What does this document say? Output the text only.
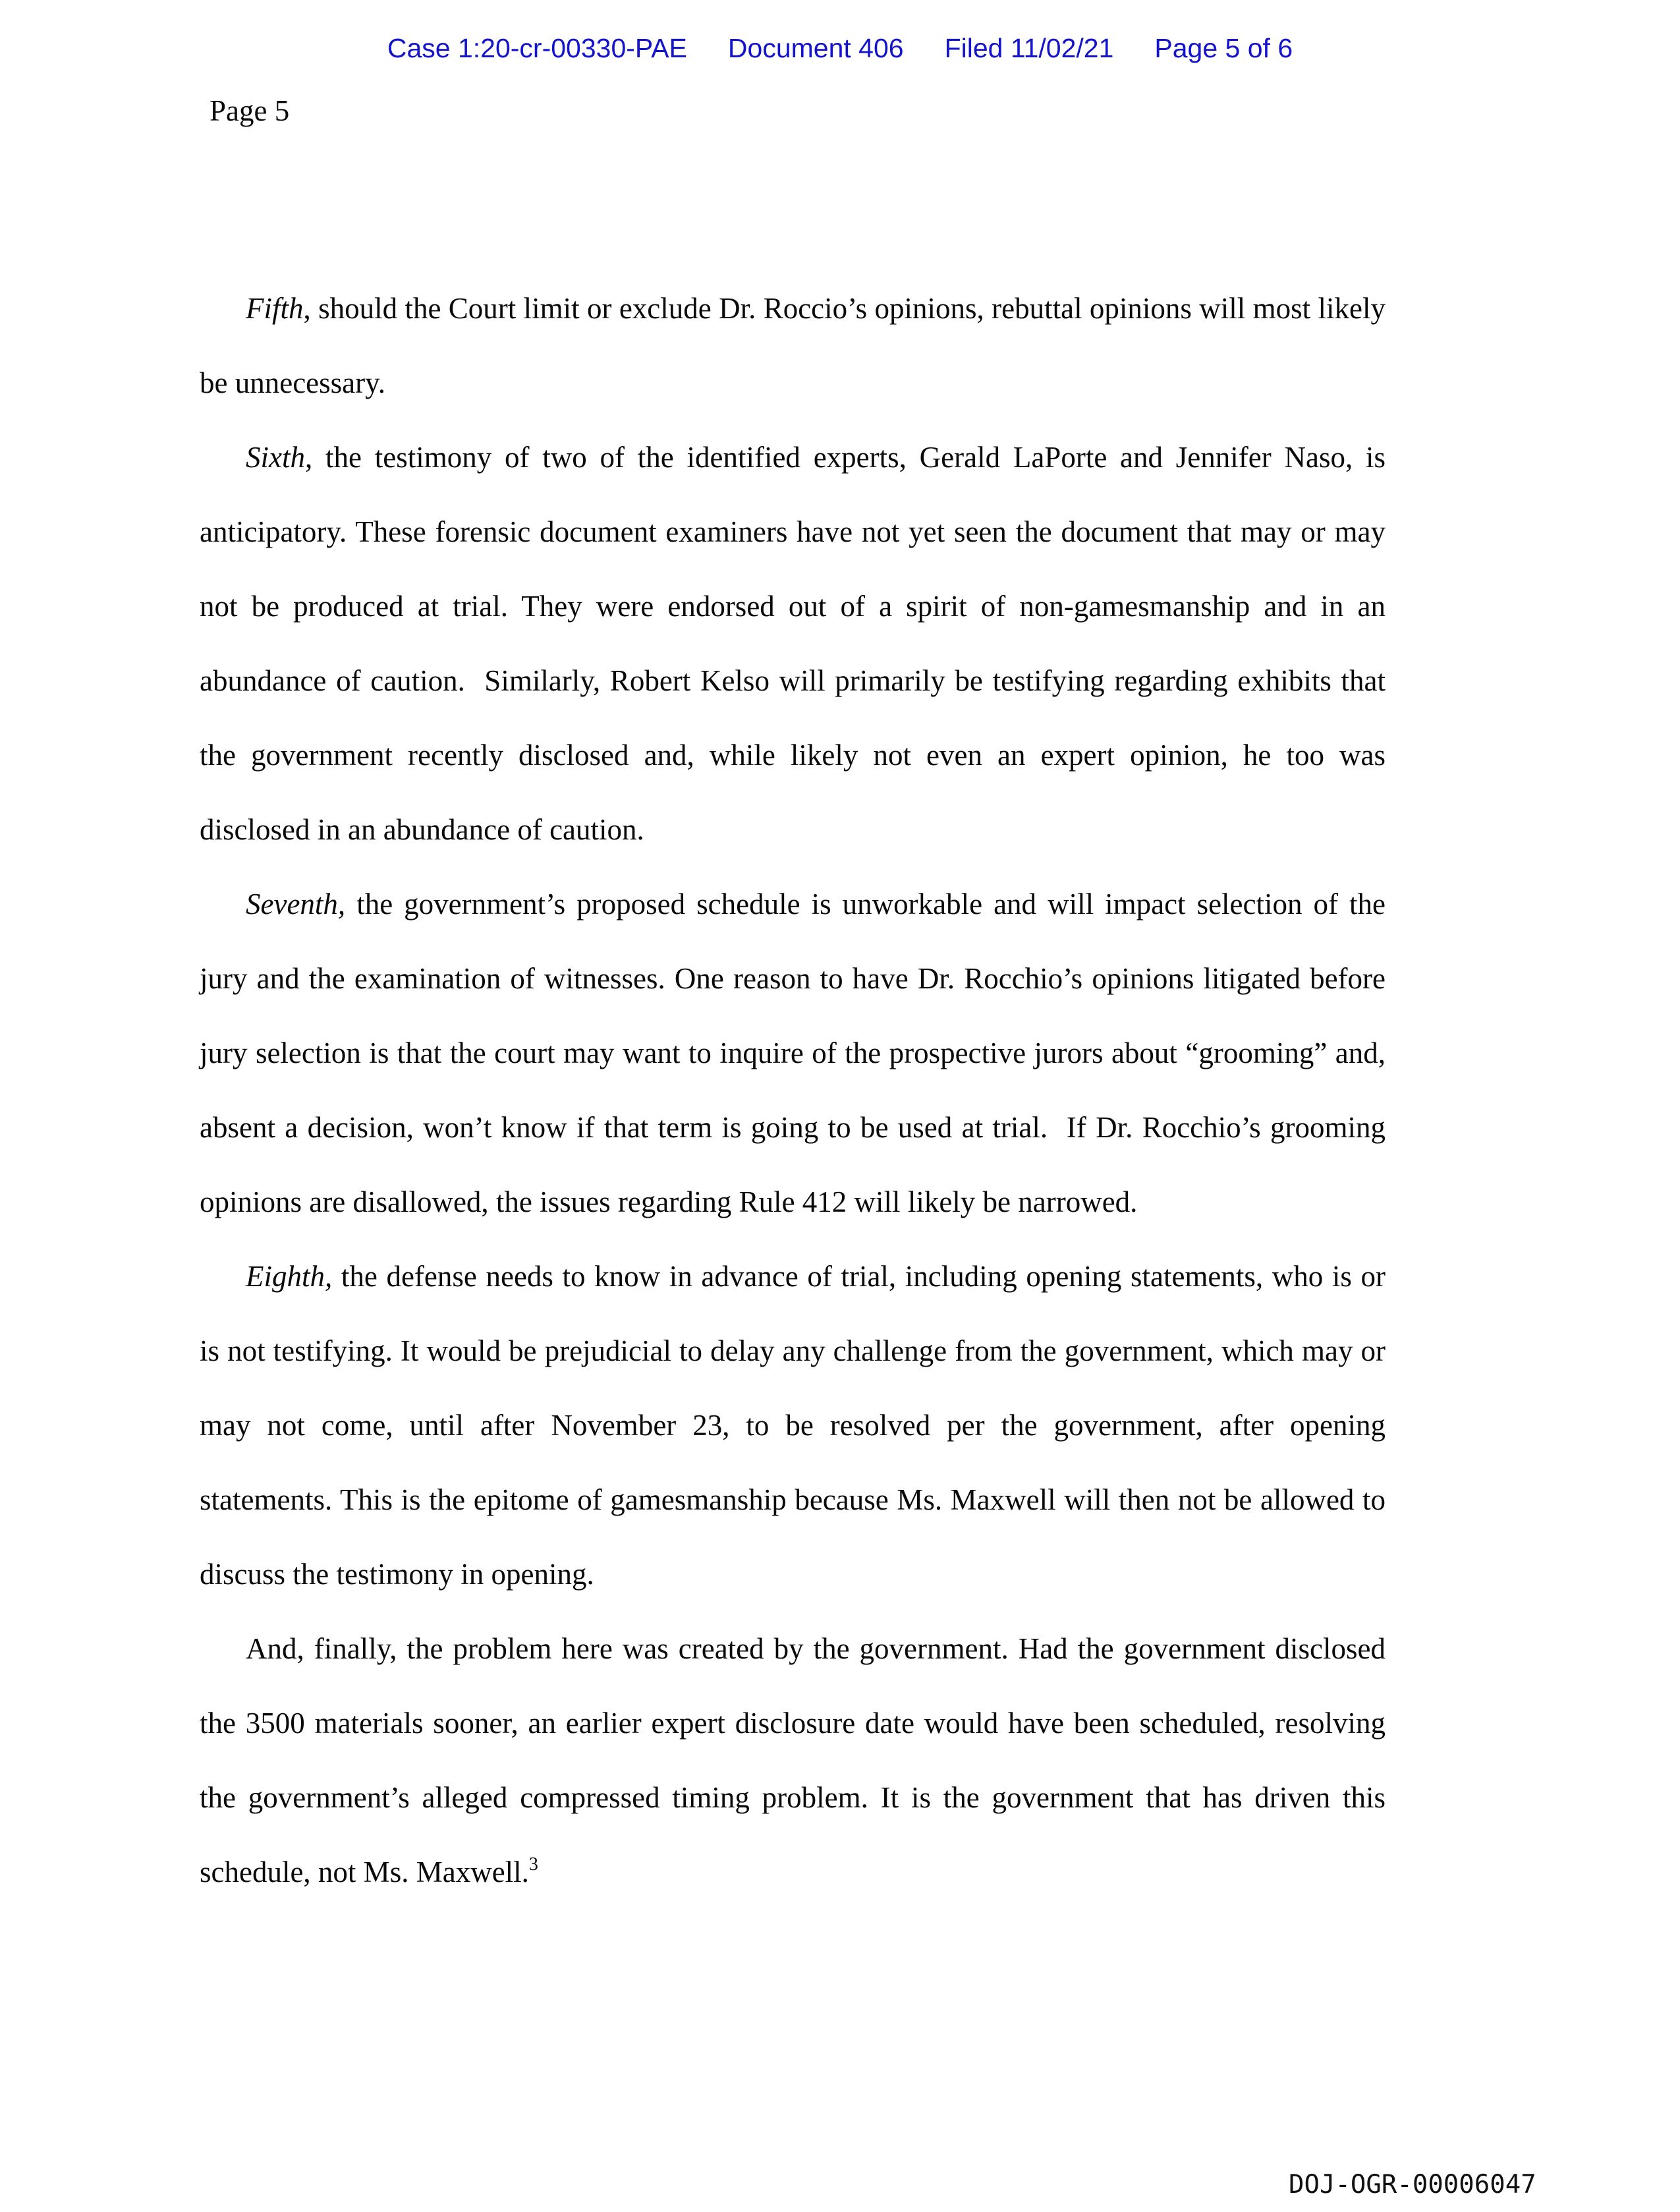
Case 1:20-cr-00330-PAE Document 406 Filed 11/02/21 Page 5 of 6
Page 5

Fifth, should the Court limit or exclude Dr. Roccio’s opinions, rebuttal opinions will most likely be unnecessary.

Sixth, the testimony of two of the identified experts, Gerald LaPorte and Jennifer Naso, is anticipatory. These forensic document examiners have not yet seen the document that may or may not be produced at trial. They were endorsed out of a spirit of non-gamesmanship and in an abundance of caution.  Similarly, Robert Kelso will primarily be testifying regarding exhibits that the government recently disclosed and, while likely not even an expert opinion, he too was disclosed in an abundance of caution.

Seventh, the government’s proposed schedule is unworkable and will impact selection of the jury and the examination of witnesses. One reason to have Dr. Rocchio’s opinions litigated before jury selection is that the court may want to inquire of the prospective jurors about “grooming” and, absent a decision, won’t know if that term is going to be used at trial.  If Dr. Rocchio’s grooming opinions are disallowed, the issues regarding Rule 412 will likely be narrowed.

Eighth, the defense needs to know in advance of trial, including opening statements, who is or is not testifying. It would be prejudicial to delay any challenge from the government, which may or may not come, until after November 23, to be resolved per the government, after opening statements. This is the epitome of gamesmanship because Ms. Maxwell will then not be allowed to discuss the testimony in opening.

And, finally, the problem here was created by the government. Had the government disclosed the 3500 materials sooner, an earlier expert disclosure date would have been scheduled, resolving the government’s alleged compressed timing problem. It is the government that has driven this schedule, not Ms. Maxwell.$^3$

DOJ-OGR-00006047
